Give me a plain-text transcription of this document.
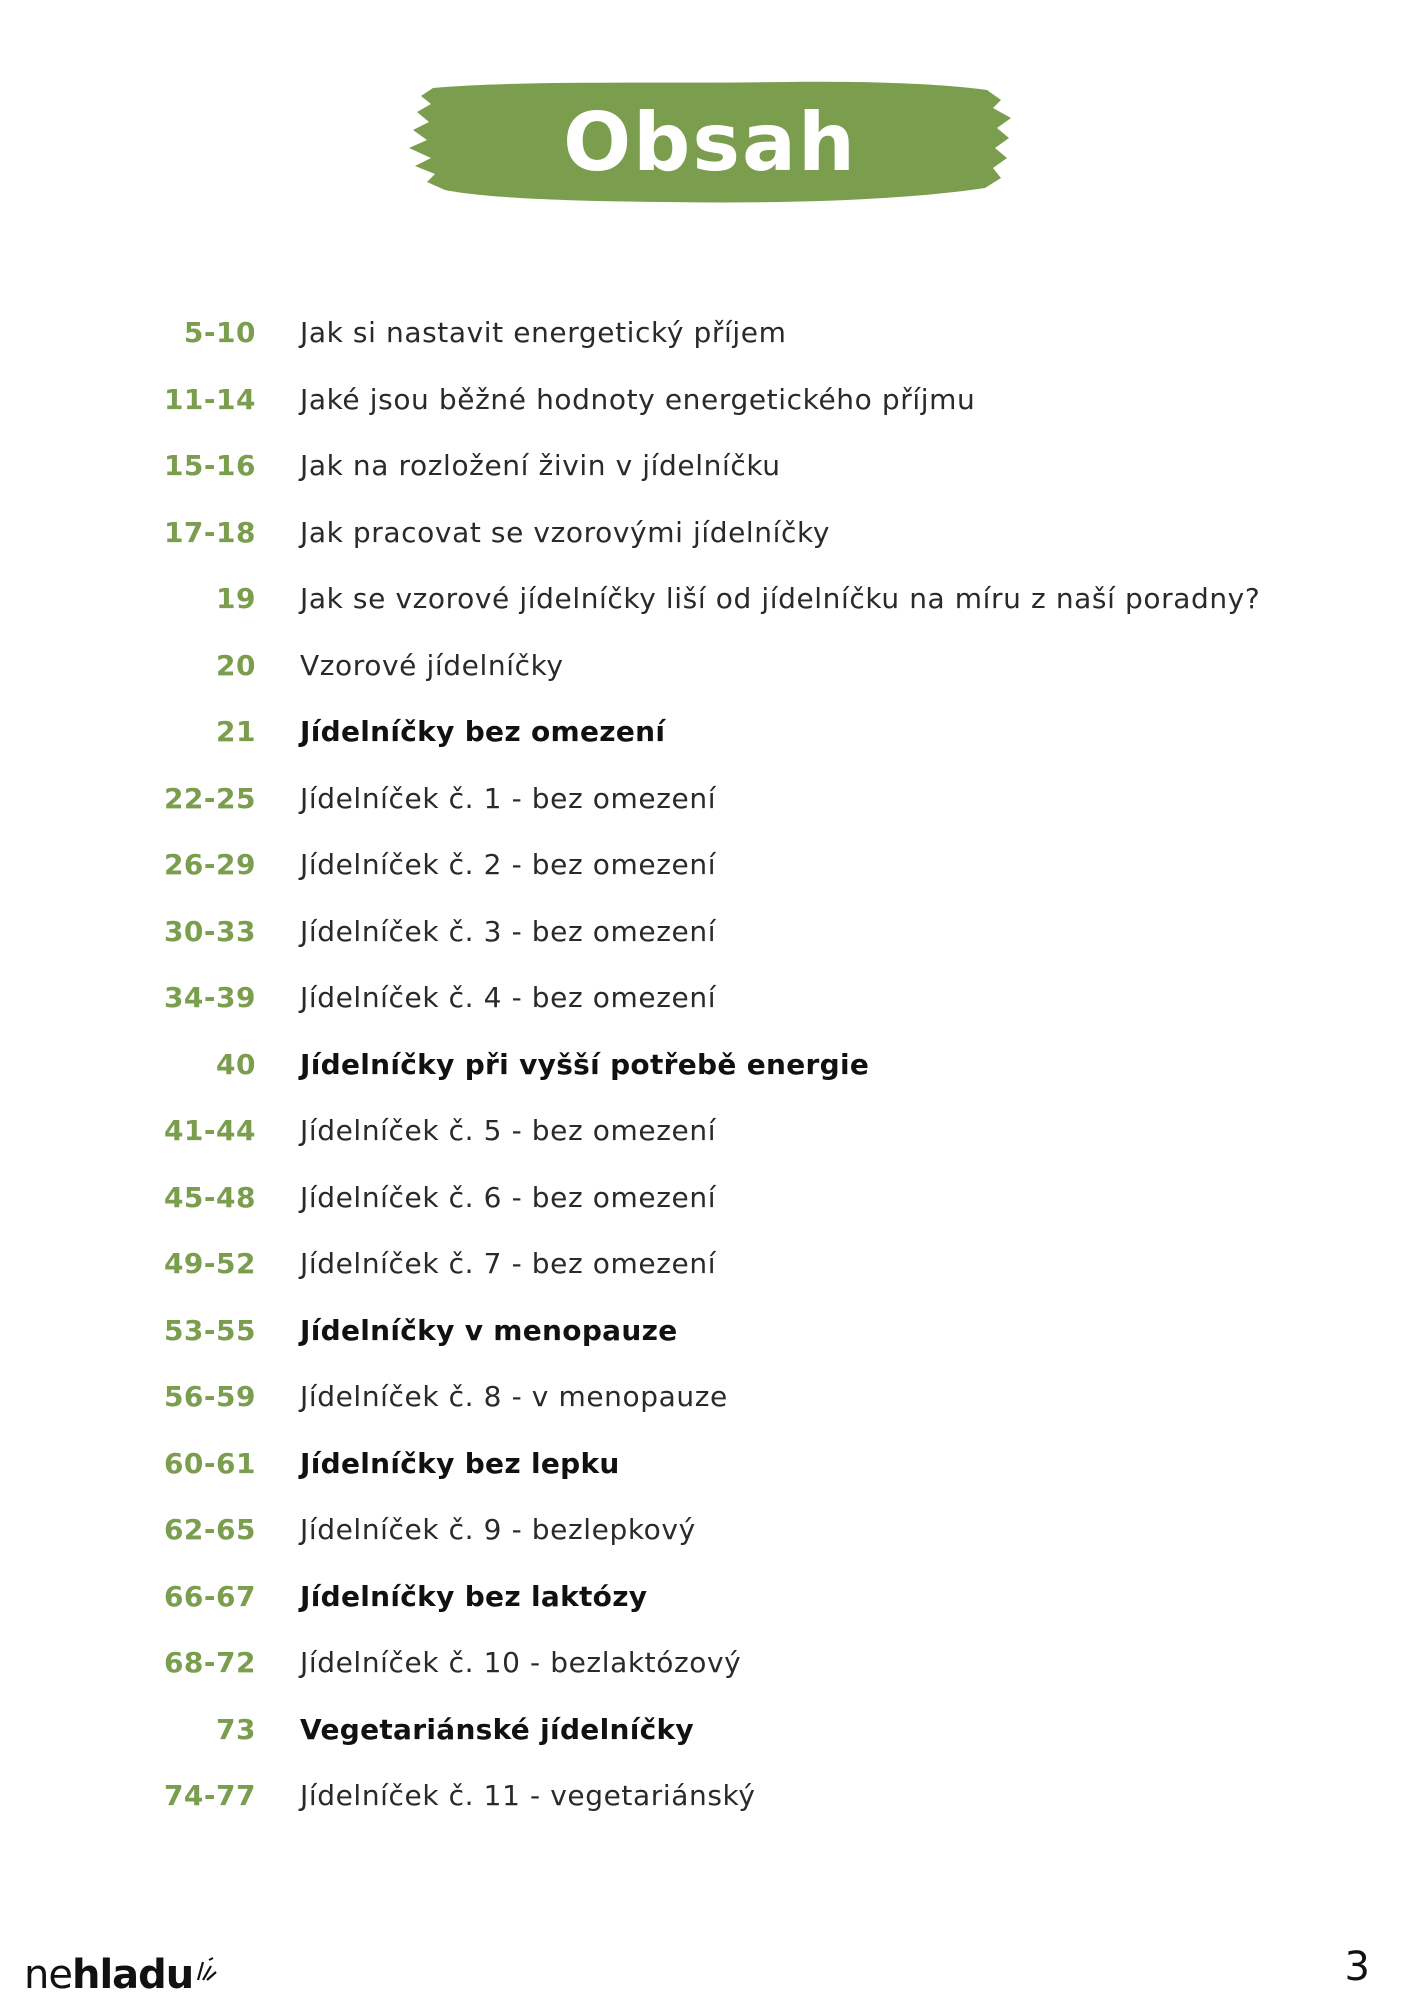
Obsah
5-10 Jak si nastavit energetický příjem
11-14 Jaké jsou běžné hodnoty energetického příjmu
15-16 Jak na rozložení živin v jídelníčku
17-18 Jak pracovat se vzorovými jídelníčky
19 Jak se vzorové jídelníčky liší od jídelníčku na míru z naší poradny?
20 Vzorové jídelníčky
21 Jídelníčky bez omezení
22-25 Jídelníček č. 1 - bez omezení
26-29 Jídelníček č. 2 - bez omezení
30-33 Jídelníček č. 3 - bez omezení
34-39 Jídelníček č. 4 - bez omezení
40 Jídelníčky při vyšší potřebě energie
41-44 Jídelníček č. 5 - bez omezení
45-48 Jídelníček č. 6 - bez omezení
49-52 Jídelníček č. 7 - bez omezení
53-55 Jídelníčky v menopauze
56-59 Jídelníček č. 8 - v menopauze
60-61 Jídelníčky bez lepku
62-65 Jídelníček č. 9 - bezlepkový
66-67 Jídelníčky bez laktózy
68-72 Jídelníček č. 10 - bezlaktózový
73 Vegetariánské jídelníčky
74-77 Jídelníček č. 11 - vegetariánský
ne hladu	3
